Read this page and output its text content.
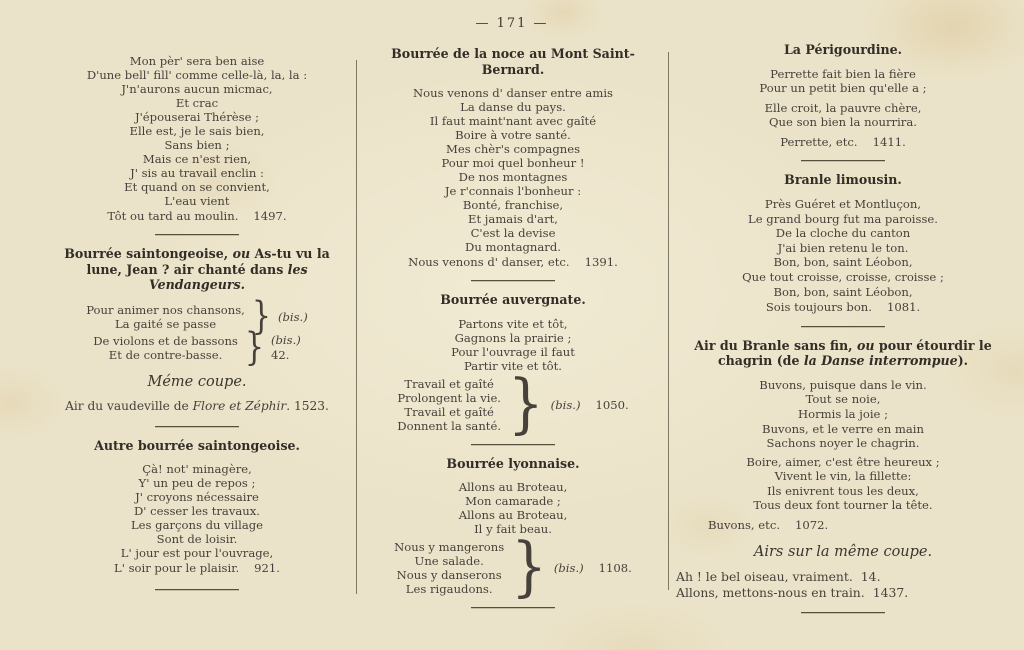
— 171 —
Mon pèr' sera ben aise
D'une bell' fill' comme celle-là, la, la :
J'n'aurons aucun micmac,
Et crac
J'épouserai Thérèse ;
Elle est, je le sais bien,
Sans bien ;
Mais ce n'est rien,
J' sis au travail enclin :
Et quand on se convient,
L'eau vient
Tôt ou tard au moulin. 1497.
Bourrée saintongeoise, ou As-tu vu la lune, Jean ? air chanté dans les Vendangeurs.
Pour animer nos chansons,
La gaité se passe	} (bis.)
De violons et de bassons
Et de contre-basse. } (bis.)
42.
Méme coupe.
Air du vaudeville de Flore et Zéphir. 1523.
Autre bourrée saintongeoise.
Çà! not' minagère,
Y' un peu de repos ;
J' croyons nécessaire
D' cesser les travaux.
Les garçons du village
Sont de loisir.
L' jour est pour l'ouvrage,
L' soir pour le plaisir. 921.
Bourrée de la noce au Mont Saint-Bernard.
Nous venons d' danser entre amis
La danse du pays.
Il faut maint'nant avec gaîté
Boire à votre santé.
Mes chèr's compagnes
Pour moi quel bonheur !
De nos montagnes
Je r'connais l'bonheur :
Bonté, franchise,
Et jamais d'art,
C'est la devise
Du montagnard.
Nous venons d' danser, etc. 1391.
Bourrée auvergnate.
Partons vite et tôt,
Gagnons la prairie ;
Pour l'ouvrage il faut
Partir vite et tôt.
Travail et gaîté
Prolongent la vie.
Travail et gaîté
Donnent la santé. } (bis.) 1050.
Bourrée lyonnaise.
Allons au Broteau,
Mon camarade ;
Allons au Broteau,
Il y fait beau.
Nous y mangerons
Une salade.
Nous y danserons
Les rigaudons. } (bis.) 1108.
La Périgourdine.
Perrette fait bien la fière
Pour un petit bien qu'elle a ;
Elle croit, la pauvre chère,
Que son bien la nourrira.
Perrette, etc. 1411.
Branle limousin.
Près Guéret et Montluçon,
Le grand bourg fut ma paroisse.
De la cloche du canton
J'ai bien retenu le ton.
Bon, bon, saint Léobon,
Que tout croisse, croisse, croisse ;
Bon, bon, saint Léobon,
Sois toujours bon. 1081.
Air du Branle sans fin, ou pour étourdir le chagrin (de la Danse interrompue).
Buvons, puisque dans le vin.
Tout se noie,
Hormis la joie ;
Buvons, et le verre en main
Sachons noyer le chagrin.
Boire, aimer, c'est être heureux ;
Vivent le vin, la fillette:
Ils enivrent tous les deux,
Tous deux font tourner la tête.
Buvons, etc. 1072.
Airs sur la même coupe.
Ah ! le bel oiseau, vraiment. 14.
Allons, mettons-nous en train. 1437.
